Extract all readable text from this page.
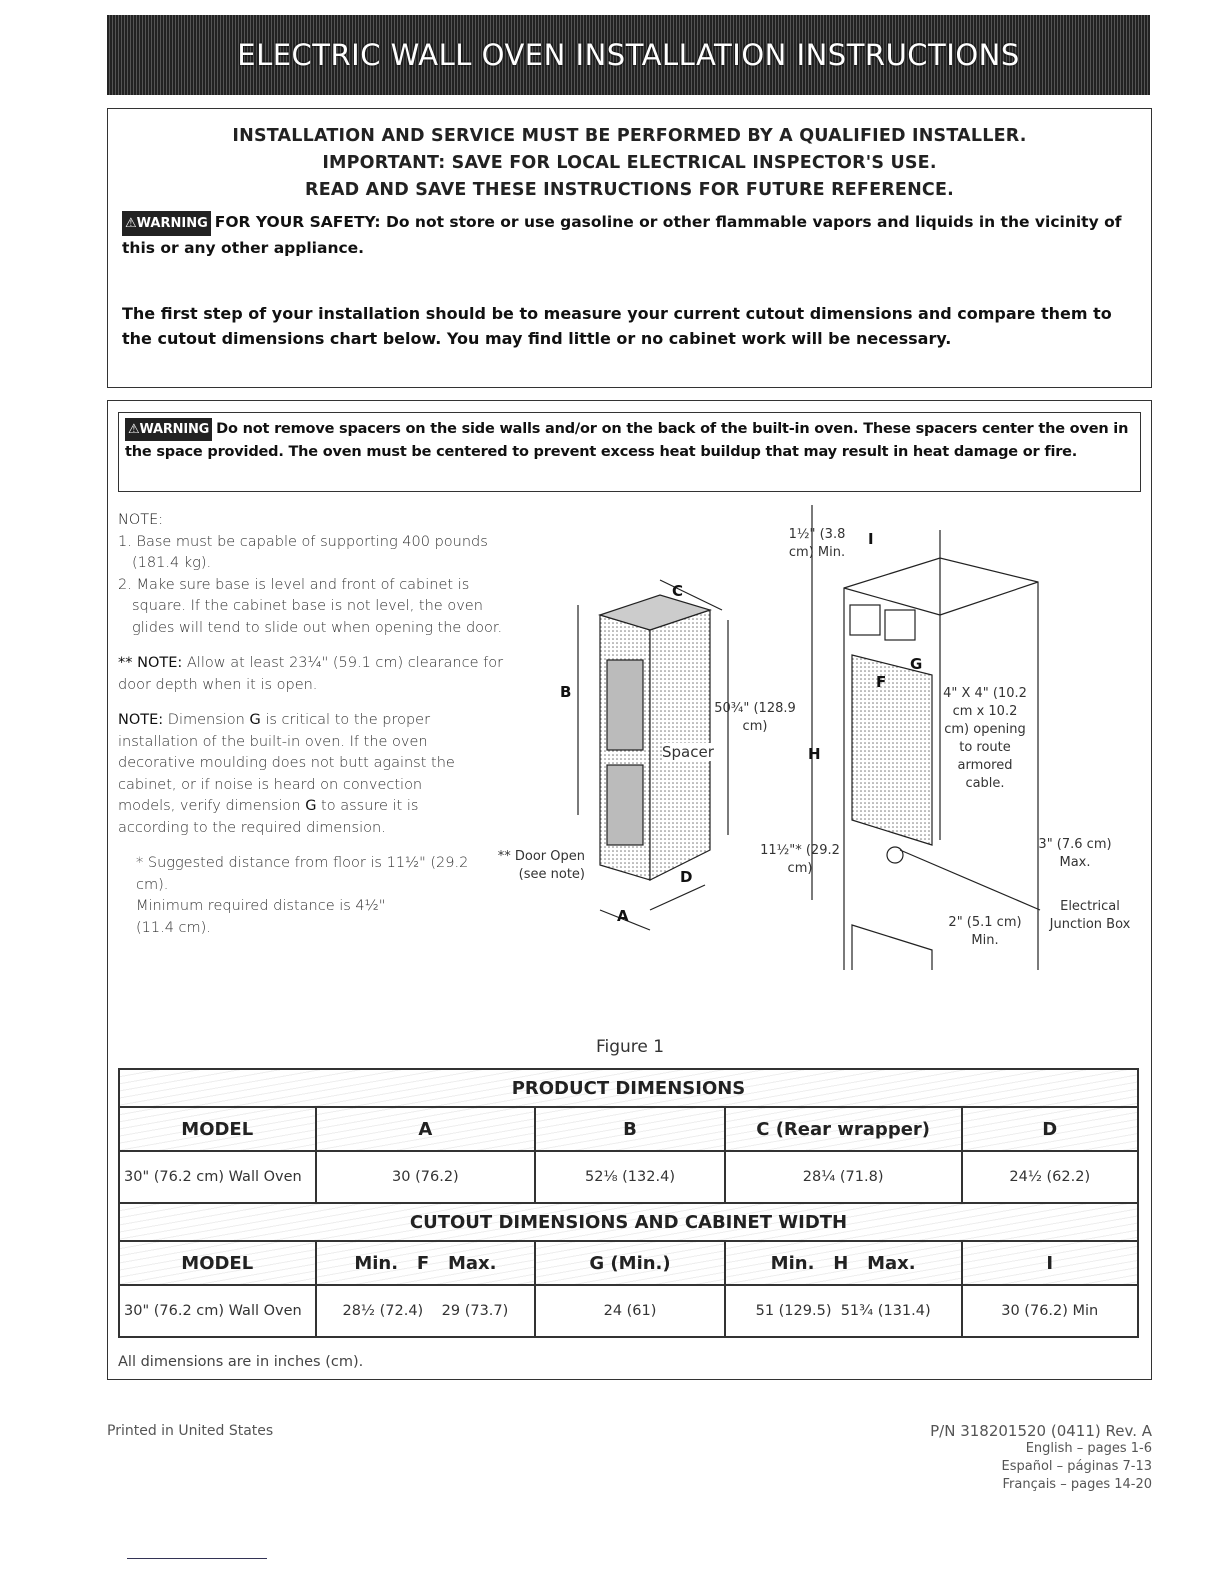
ELECTRIC WALL OVEN INSTALLATION INSTRUCTIONS
INSTALLATION AND SERVICE MUST BE PERFORMED BY A QUALIFIED INSTALLER.
IMPORTANT: SAVE FOR LOCAL ELECTRICAL INSPECTOR'S USE.
READ AND SAVE THESE INSTRUCTIONS FOR FUTURE REFERENCE.
⚠WARNING FOR YOUR SAFETY: Do not store or use gasoline or other flammable vapors and liquids in the vicinity of this or any other appliance.
The first step of your installation should be to measure your current cutout dimensions and compare them to the cutout dimensions chart below. You may find little or no cabinet work will be necessary.
⚠WARNING Do not remove spacers on the side walls and/or on the back of the built-in oven. These spacers center the oven in the space provided. The oven must be centered to prevent excess heat buildup that may result in heat damage or fire.
NOTE:
1. Base must be capable of supporting 400 pounds (181.4 kg).
2. Make sure base is level and front of cabinet is square. If the cabinet base is not level, the oven glides will tend to slide out when opening the door.
** NOTE: Allow at least 23¼" (59.1 cm) clearance for door depth when it is open.
NOTE: Dimension G is critical to the proper installation of the built-in oven. If the oven decorative moulding does not butt against the cabinet, or if noise is heard on convection models, verify dimension G to assure it is according to the required dimension.
* Suggested distance from floor is 11½" (29.2 cm).
Minimum required distance is 4½" (11.4 cm).
B
C
D
A
F
G
H
I
Spacer
** Door Open (see note)
50¾" (128.9 cm)
1½" (3.8 cm) Min.
11½"* (29.2 cm)
4" X 4" (10.2 cm x 10.2 cm) opening to route armored cable.
3" (7.6 cm) Max.
2" (5.1 cm) Min.
Electrical Junction Box
Figure 1
PRODUCT DIMENSIONS				
MODEL	A	B	C (Rear wrapper)	D
30" (76.2 cm) Wall Oven	30 (76.2)	52⅛ (132.4)	28¼ (71.8)	24½ (62.2)
CUTOUT DIMENSIONS AND CABINET WIDTH				
MODEL	Min.   F   Max.	G (Min.)	Min.   H   Max.	I
30" (76.2 cm) Wall Oven	28½ (72.4)    29 (73.7)	24 (61)	51 (129.5)  51¾ (131.4)	30 (76.2) Min
All dimensions are in inches (cm).
Printed in United States	P/N 318201520 (0411) Rev. A
English – pages 1-6
Español – páginas 7-13
Français – pages 14-20
